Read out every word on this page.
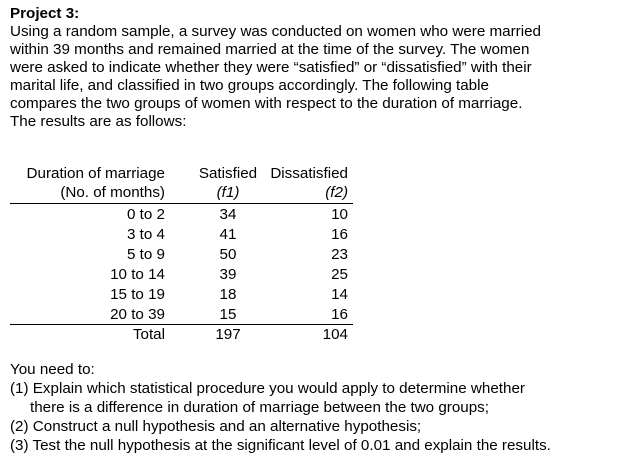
Project 3:
Using a random sample, a survey was conducted on women who were married
within 39 months and remained married at the time of the survey. The women
were asked to indicate whether they were “satisfied” or “dissatisfied” with their
marital life, and classified in two groups accordingly. The following table
compares the two groups of women with respect to the duration of marriage.
The results are as follows:
Duration of marriage	Satisfied Dissatisfied
(No. of months)	(f1)	(f2)
0 to 2	34	10
3 to 4	41	16
5 to 9	50	23
10 to 14	39	25
15 to 19	18	14
20 to 39	15	16
Total	197	104
You need to:
(1) Explain which statistical procedure you would apply to determine whether
there is a difference in duration of marriage between the two groups;
(2) Construct a null hypothesis and an alternative hypothesis;
(3) Test the null hypothesis at the significant level of 0.01 and explain the results.
